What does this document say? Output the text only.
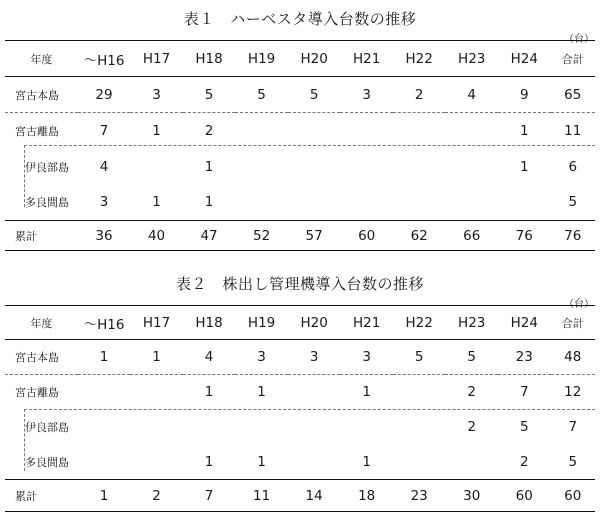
表１　ハーベスタ導入台数の推移
（台）
年度	～H16	H17	H18	H19	H20	H21	H22	H23	H24	合計
宮古本島	29	3	5	5	5	3	2	4	9	65
宮古離島	7	1	2						1	11
伊良部島	4		1						1	6
多良間島	3	1	1							5
累計	36	40	47	52	57	60	62	66	76	76
表２　株出し管理機導入台数の推移
（台）
年度	～H16	H17	H18	H19	H20	H21	H22	H23	H24	合計
宮古本島	1	1	4	3	3	3	5	5	23	48
宮古離島			1	1		1		2	7	12
伊良部島								2	5	7
多良間島			1	1		1			2	5
累計	1	2	7	11	14	18	23	30	60	60
